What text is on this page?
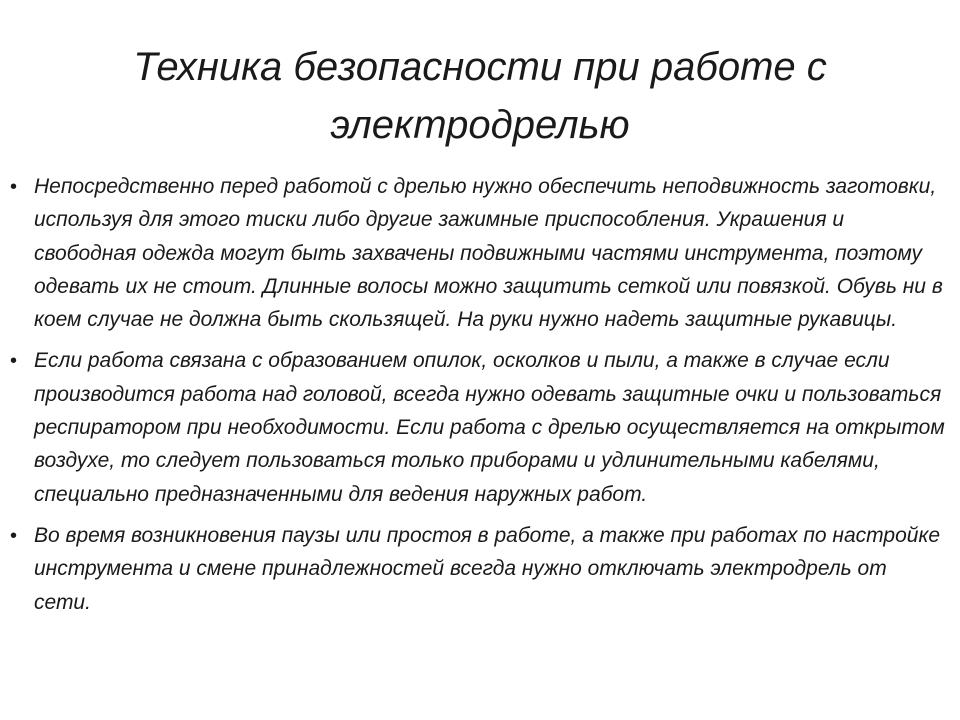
Техника безопасности при работе с электродрелью
• Непосредственно перед работой с дрелью нужно обеспечить неподвижность заготовки, используя для этого тиски либо другие зажимные приспособления. Украшения и свободная одежда могут быть захвачены подвижными частями инструмента, поэтому одевать их не стоит. Длинные волосы можно защитить сеткой или повязкой. Обувь ни в коем случае не должна быть скользящей. На руки нужно надеть защитные рукавицы.
• Если работа связана с образованием опилок, осколков и пыли, а также в случае если производится работа над головой, всегда нужно одевать защитные очки и пользоваться респиратором при необходимости. Если работа с дрелью осуществляется на открытом воздухе, то следует пользоваться только приборами и удлинительными кабелями, специально предназначенными для ведения наружных работ.
• Во время возникновения паузы или простоя в работе, а также при работах по настройке инструмента и смене принадлежностей всегда нужно отключать электродрель от сети.
